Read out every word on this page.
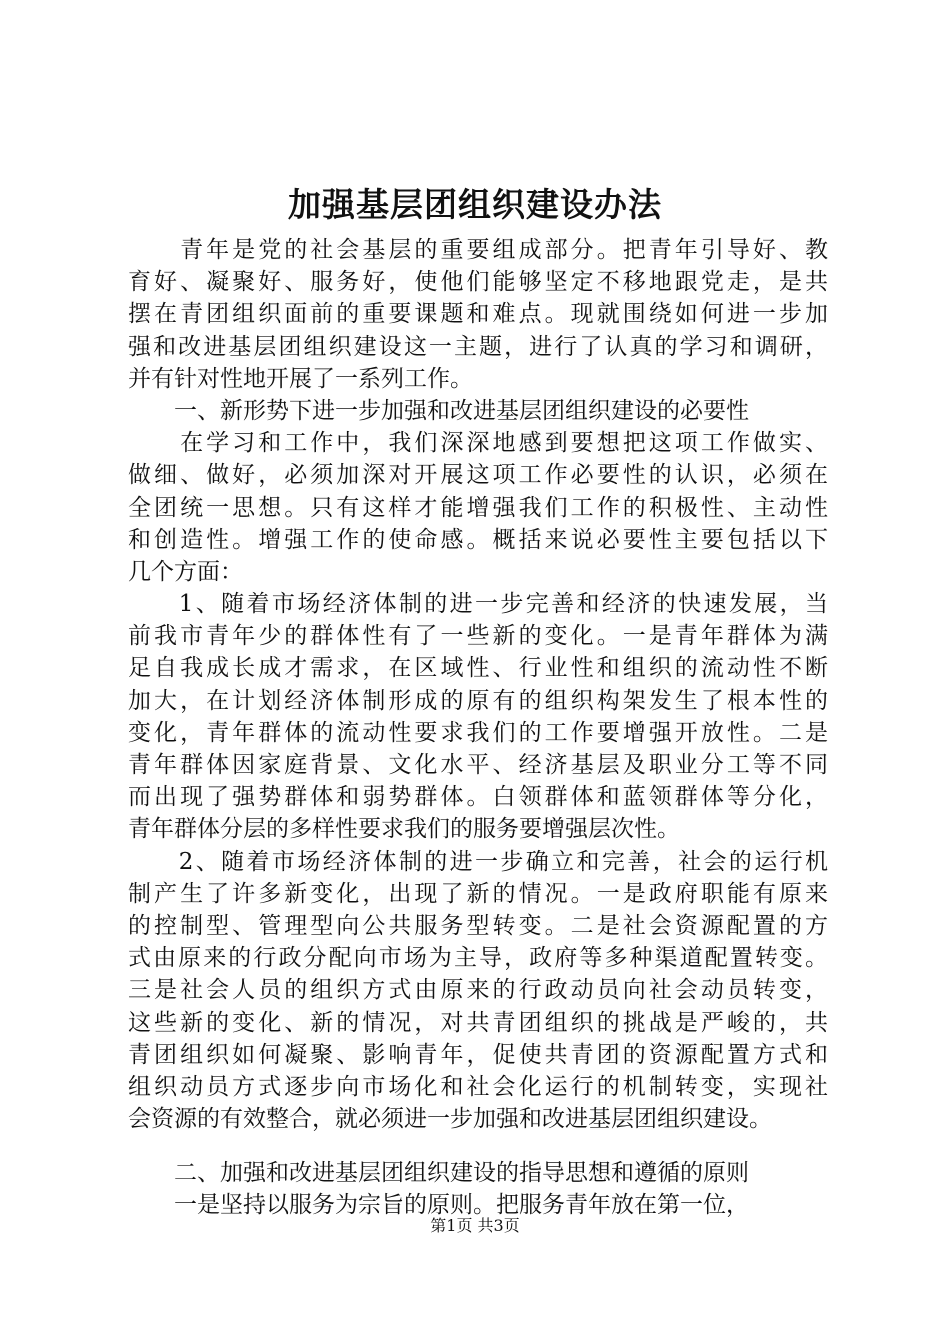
加强基层团组织建设办法
　　青年是党的社会基层的重要组成部分。把青年引导好、教
育好、凝聚好、服务好，使他们能够坚定不移地跟党走，是共
摆在青团组织面前的重要课题和难点。现就围绕如何进一步加
强和改进基层团组织建设这一主题，进行了认真的学习和调研，
并有针对性地开展了一系列工作。
　　一、新形势下进一步加强和改进基层团组织建设的必要性
　　在学习和工作中，我们深深地感到要想把这项工作做实、
做细、做好，必须加深对开展这项工作必要性的认识，必须在
全团统一思想。只有这样才能增强我们工作的积极性、主动性
和创造性。增强工作的使命感。概括来说必要性主要包括以下
几个方面：
　　1、随着市场经济体制的进一步完善和经济的快速发展，当
前我市青年少的群体性有了一些新的变化。一是青年群体为满
足自我成长成才需求，在区域性、行业性和组织的流动性不断
加大，在计划经济体制形成的原有的组织构架发生了根本性的
变化，青年群体的流动性要求我们的工作要增强开放性。二是
青年群体因家庭背景、文化水平、经济基层及职业分工等不同
而出现了强势群体和弱势群体。白领群体和蓝领群体等分化，
青年群体分层的多样性要求我们的服务要增强层次性。
　　2、随着市场经济体制的进一步确立和完善，社会的运行机
制产生了许多新变化，出现了新的情况。一是政府职能有原来
的控制型、管理型向公共服务型转变。二是社会资源配置的方
式由原来的行政分配向市场为主导，政府等多种渠道配置转变。
三是社会人员的组织方式由原来的行政动员向社会动员转变，
这些新的变化、新的情况，对共青团组织的挑战是严峻的，共
青团组织如何凝聚、影响青年，促使共青团的资源配置方式和
组织动员方式逐步向市场化和社会化运行的机制转变，实现社
会资源的有效整合，就必须进一步加强和改进基层团组织建设。
　　二、加强和改进基层团组织建设的指导思想和遵循的原则
　　一是坚持以服务为宗旨的原则。把服务青年放在第一位，
第1页 共3页
